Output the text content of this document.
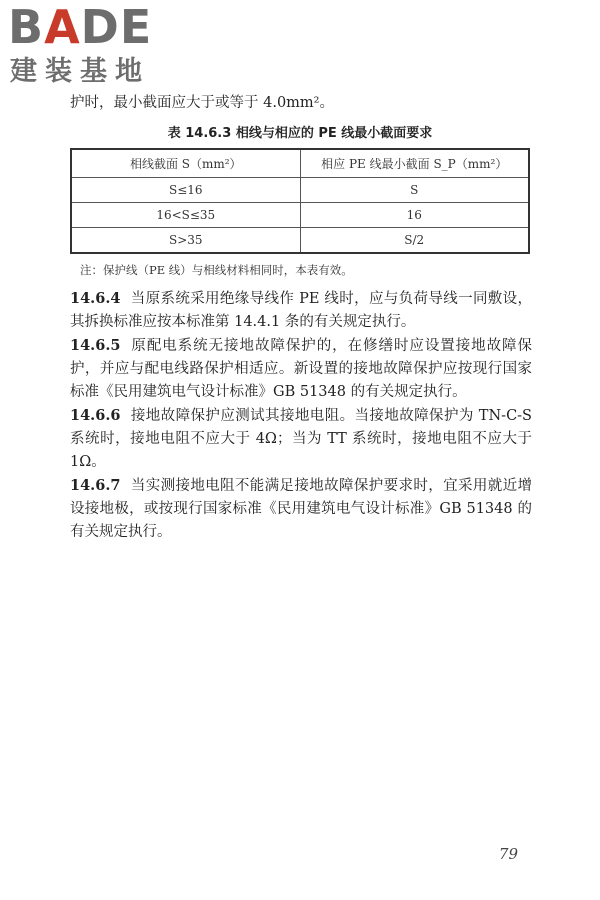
BADE
建装基地
护时，最小截面应大于或等于 4.0mm²。
表 14.6.3 相线与相应的 PE 线最小截面要求
相线截面 S（mm²）	相应 PE 线最小截面 S_P（mm²）
S≤16	S
16<S≤35	16
S>35	S/2
注：保护线（PE 线）与相线材料相同时，本表有效。

14.6.4 当原系统采用绝缘导线作 PE 线时，应与负荷导线一同敷设，其拆换标准应按本标准第 14.4.1 条的有关规定执行。

14.6.5 原配电系统无接地故障保护的，在修缮时应设置接地故障保护，并应与配电线路保护相适应。新设置的接地故障保护应按现行国家标准《民用建筑电气设计标准》GB 51348 的有关规定执行。

14.6.6 接地故障保护应测试其接地电阻。当接地故障保护为 TN-C-S 系统时，接地电阻不应大于 4Ω；当为 TT 系统时，接地电阻不应大于 1Ω。

14.6.7 当实测接地电阻不能满足接地故障保护要求时，宜采用就近增设接地极，或按现行国家标准《民用建筑电气设计标准》GB 51348 的有关规定执行。

79
